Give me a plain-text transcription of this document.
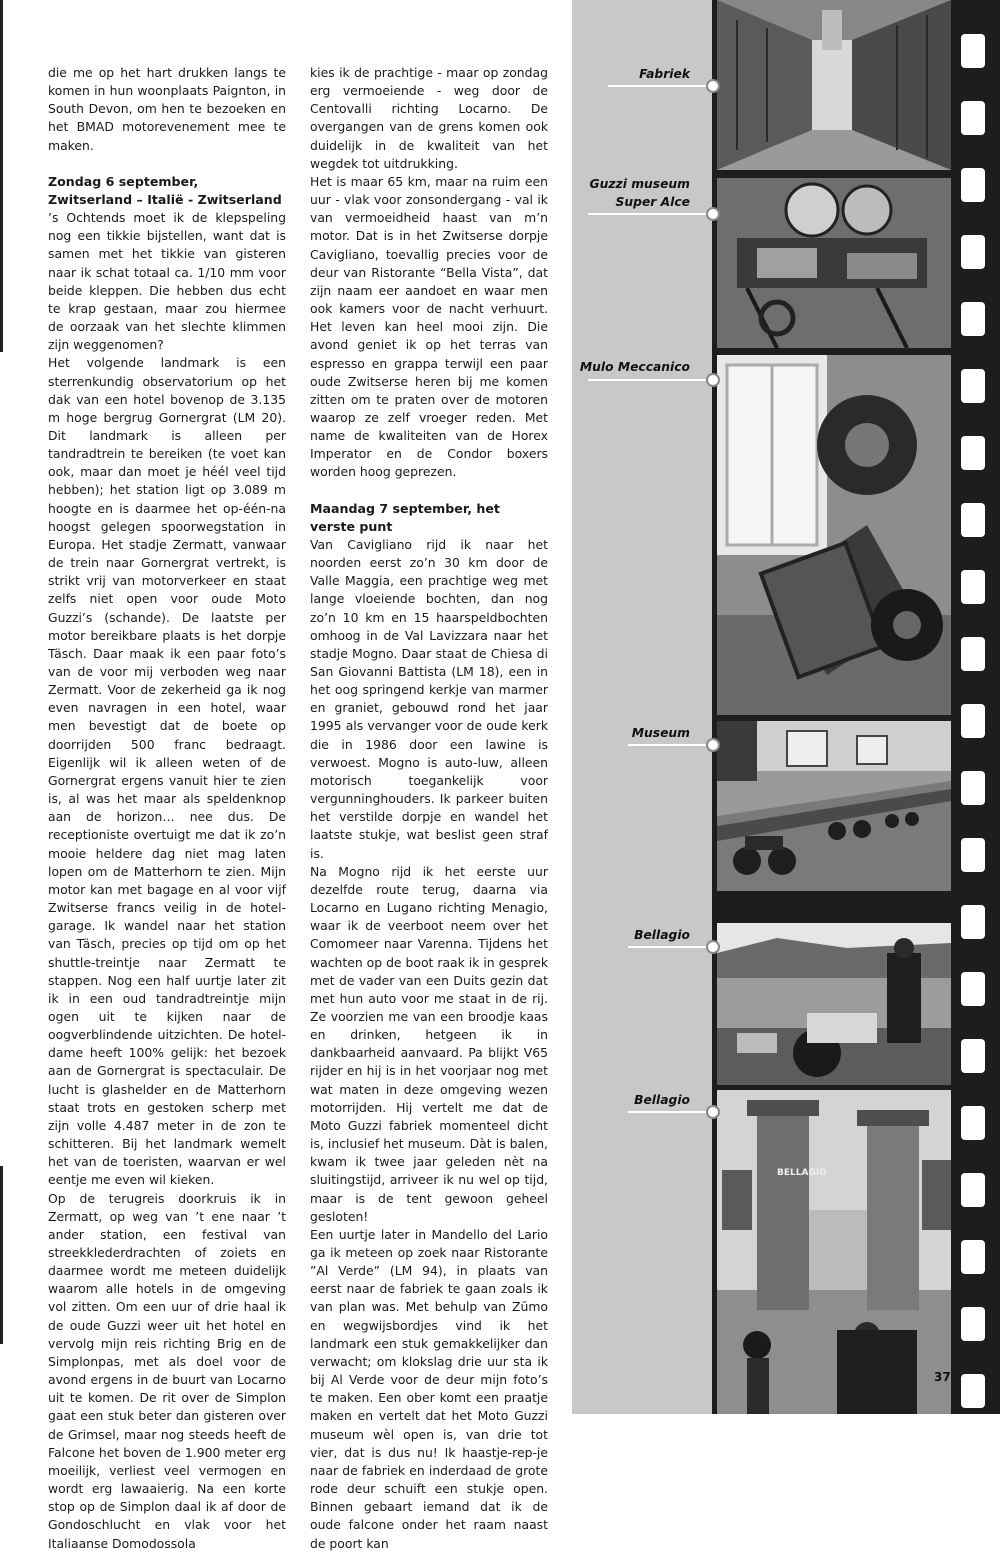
die me op het hart drukken langs te komen in hun woonplaats Paignton, in South Devon, om hen te bezoeken en het BMAD motorevenement mee te maken.

Zondag 6 september, Zwitserland – Italië - Zwitserland

’s Ochtends moet ik de klepspeling nog een tikkie bijstellen, want dat is samen met het tikkie van gisteren naar ik schat totaal ca. 1/10 mm voor beide kleppen. Die hebben dus echt te krap gestaan, maar zou hiermee de oorzaak van het slechte klimmen zijn weggenomen?

Het volgende landmark is een sterrenkundig observatorium op het dak van een hotel bovenop de 3.135 m hoge bergrug Gornergrat (LM 20). Dit landmark is alleen per tandradtrein te bereiken (te voet kan ook, maar dan moet je héél veel tijd hebben); het station ligt op 3.089 m hoogte en is daarmee het op-één-na hoogst gelegen spoorwegstation in Europa. Het stadje Zermatt, vanwaar de trein naar Gornergrat vertrekt, is strikt vrij van motorverkeer en staat zelfs niet open voor oude Moto Guzzi’s (schande). De laatste per motor bereikbare plaats is het dorpje Täsch. Daar maak ik een paar foto’s van de voor mij verboden weg naar Zermatt. Voor de zekerheid ga ik nog even navragen in een hotel, waar men bevestigt dat de boete op doorrijden 500 franc bedraagt. Eigenlijk wil ik alleen weten of de Gornergrat ergens vanuit hier te zien is, al was het maar als speldenknop aan de horizon… nee dus. De receptioniste overtuigt me dat ik zo’n mooie heldere dag niet mag laten lopen om de Matterhorn te zien. Mijn motor kan met bagage en al voor vijf Zwitserse francs veilig in de hotel-garage. Ik wandel naar het station van Täsch, precies op tijd om op het shuttle-treintje naar Zermatt te stappen. Nog een half uurtje later zit ik in een oud tandradtreintje mijn ogen uit te kijken naar de oogverblindende uitzichten. De hotel-dame heeft 100% gelijk: het bezoek aan de Gornergrat is spectaculair. De lucht is glashelder en de Matterhorn staat trots en gestoken scherp met zijn volle 4.487 meter in de zon te schitteren. Bij het landmark wemelt het van de toeristen, waarvan er wel eentje me even wil kieken.

Op de terugreis doorkruis ik in Zermatt, op weg van ’t ene naar ’t ander station, een festival van streekklederdrachten of zoiets en daarmee wordt me meteen duidelijk waarom alle hotels in de omgeving vol zitten. Om een uur of drie haal ik de oude Guzzi weer uit het hotel en vervolg mijn reis richting Brig en de Simplonpas, met als doel voor de avond ergens in de buurt van Locarno uit te komen. De rit over de Simplon gaat een stuk beter dan gisteren over de Grimsel, maar nog steeds heeft de Falcone het boven de 1.900 meter erg moeilijk, verliest veel vermogen en wordt erg lawaaierig. Na een korte stop op de Simplon daal ik af door de Gondoschlucht en vlak voor het Italiaanse Domodossola

kies ik de prachtige - maar op zondag erg vermoeiende - weg door de Centovalli richting Locarno. De overgangen van de grens komen ook duidelijk in de kwaliteit van het wegdek tot uitdrukking.

Het is maar 65 km, maar na ruim een uur - vlak voor zonsondergang - val ik van vermoeidheid haast van m’n motor. Dat is in het Zwitserse dorpje Cavigliano, toevallig precies voor de deur van Ristorante “Bella Vista”, dat zijn naam eer aandoet en waar men ook kamers voor de nacht verhuurt. Het leven kan heel mooi zijn. Die avond geniet ik op het terras van espresso en grappa terwijl een paar oude Zwitserse heren bij me komen zitten om te praten over de motoren waarop ze zelf vroeger reden. Met name de kwaliteiten van de Horex Imperator en de Condor boxers worden hoog geprezen.

Maandag 7 september, het verste punt

Van Cavigliano rijd ik naar het noorden eerst zo’n 30 km door de Valle Maggia, een prachtige weg met lange vloeiende bochten, dan nog zo’n 10 km en 15 haarspeldbochten omhoog in de Val Lavizzara naar het stadje Mogno. Daar staat de Chiesa di San Giovanni Battista (LM 18), een in het oog springend kerkje van marmer en graniet, gebouwd rond het jaar 1995 als vervanger voor de oude kerk die in 1986 door een lawine is verwoest. Mogno is auto-luw, alleen motorisch toegankelijk voor vergunninghouders. Ik parkeer buiten het verstilde dorpje en wandel het laatste stukje, wat beslist geen straf is.

Na Mogno rijd ik het eerste uur dezelfde route terug, daarna via Locarno en Lugano richting Menagio, waar ik de veerboot neem over het Comomeer naar Varenna. Tijdens het wachten op de boot raak ik in gesprek met de vader van een Duits gezin dat met hun auto voor me staat in de rij. Ze voorzien me van een broodje kaas en drinken, hetgeen ik in dankbaarheid aanvaard. Pa blijkt V65 rijder en hij is in het voorjaar nog met wat maten in deze omgeving wezen motorrijden. Hij vertelt me dat de Moto Guzzi fabriek momenteel dicht is, inclusief het museum. Dàt is balen, kwam ik twee jaar geleden nèt na sluitingstijd, arriveer ik nu wel op tijd, maar is de tent gewoon geheel gesloten!

Een uurtje later in Mandello del Lario ga ik meteen op zoek naar Ristorante ”Al Verde” (LM 94), in plaats van eerst naar de fabriek te gaan zoals ik van plan was. Met behulp van Zūmo en wegwijsbordjes vind ik het landmark een stuk gemakkelijker dan verwacht; om klokslag drie uur sta ik bij Al Verde voor de deur mijn foto’s te maken. Een ober komt een praatje maken en vertelt dat het Moto Guzzi museum wèl open is, van drie tot vier, dat is dus nu! Ik haastje-rep-je naar de fabriek en inderdaad de grote rode deur schuift een stukje open. Binnen gebaart iemand dat ik de oude falcone onder het raam naast de poort kan

BELLAGIO
Fabriek
Guzzi museum
Super Alce
Mulo Meccanico
Museum
Bellagio
Bellagio
37
